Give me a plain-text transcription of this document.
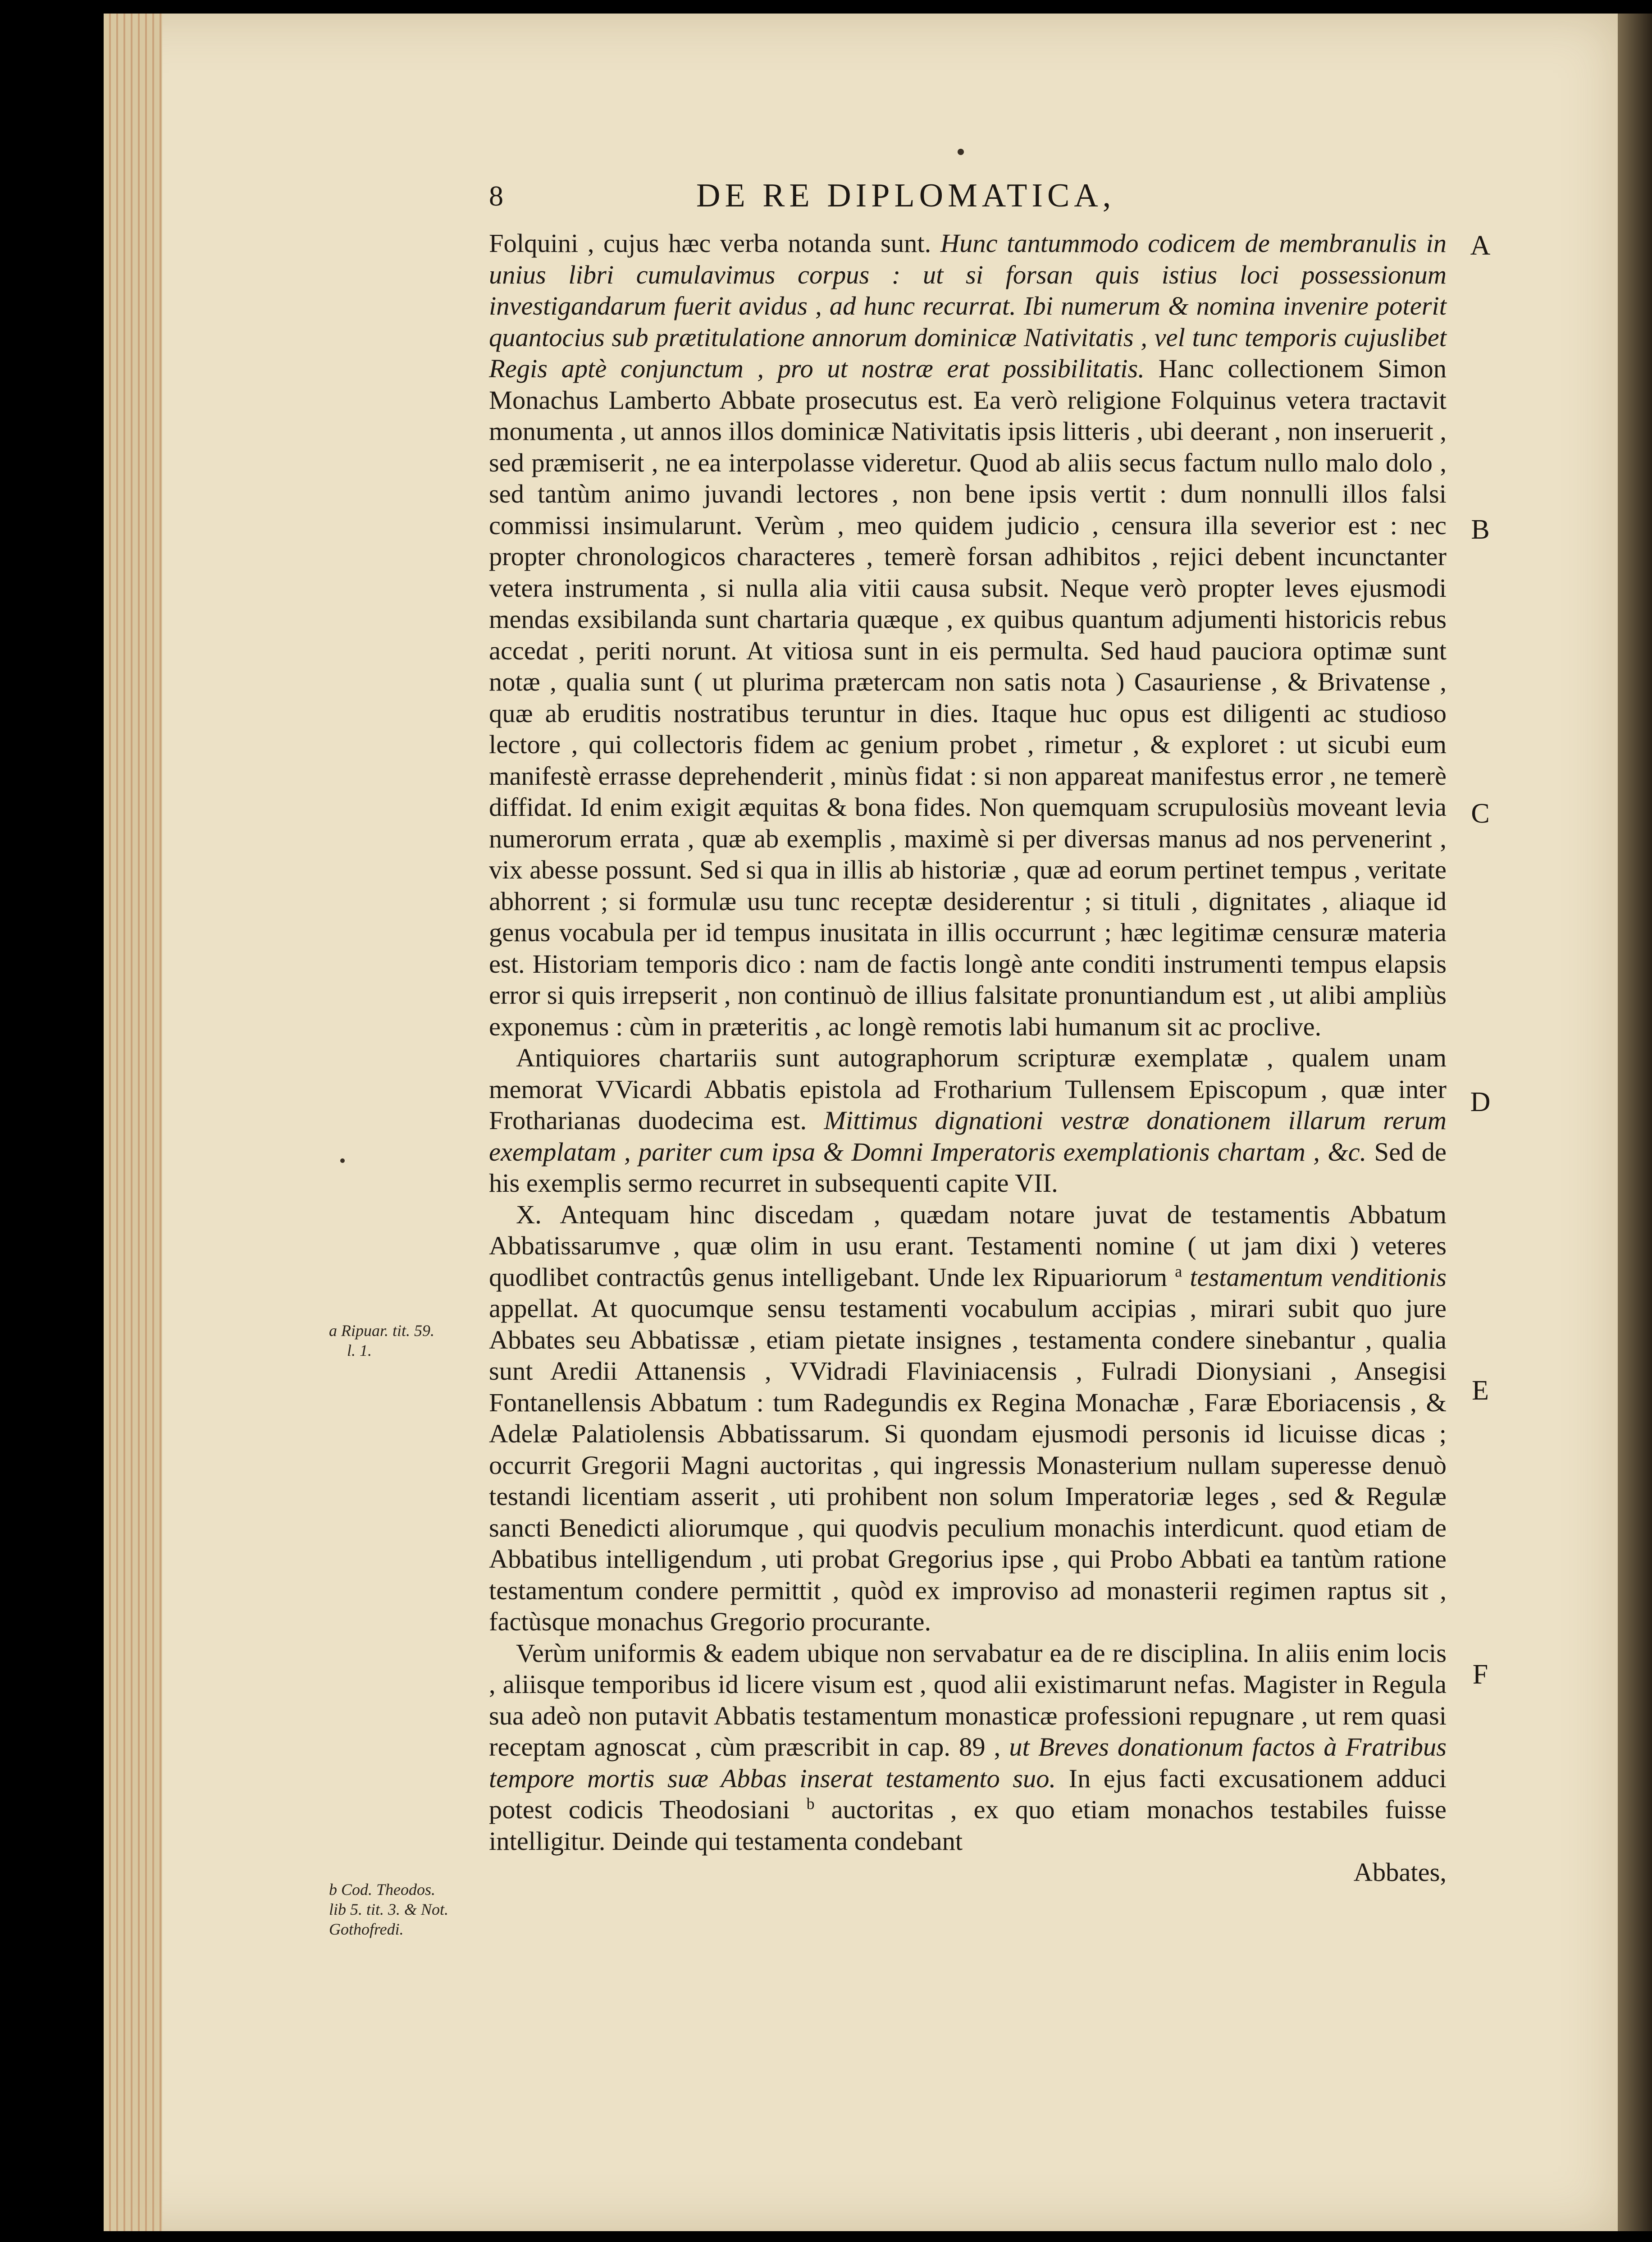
8	DE RE DIPLOMATICA,

Folquini , cujus hæc verba notanda sunt. Hunc tantummodo codicem de membranulis in unius libri cumulavimus corpus : ut si forsan quis istius loci possessionum investigandarum fuerit avidus , ad hunc recurrat. Ibi numerum & nomina invenire poterit quantocius sub prætitulatione annorum dominicæ Nativitatis , vel tunc temporis cujuslibet Regis aptè conjunctum , pro ut nostræ erat possibilitatis. Hanc collectionem Simon Monachus Lamberto Abbate prosecutus est. Ea verò religione Folquinus vetera tractavit monumenta , ut annos illos dominicæ Nativitatis ipsis litteris , ubi deerant , non inseruerit , sed præmiserit , ne ea interpolasse videretur. Quod ab aliis secus factum nullo malo dolo , sed tantùm animo juvandi lectores , non bene ipsis vertit : dum nonnulli illos falsi commissi insimularunt. Verùm , meo quidem judicio , censura illa severior est : nec propter chronologicos characteres , temerè forsan adhibitos , rejici debent incunctanter vetera instrumenta , si nulla alia vitii causa subsit. Neque verò propter leves ejusmodi mendas exsibilanda sunt chartaria quæque , ex quibus quantum adjumenti historicis rebus accedat , periti norunt. At vitiosa sunt in eis permulta. Sed haud pauciora optimæ sunt notæ , qualia sunt ( ut plurima prætercam non satis nota ) Casauriense , & Brivatense , quæ ab eruditis nostratibus teruntur in dies. Itaque huc opus est diligenti ac studioso lectore , qui collectoris fidem ac genium probet , rimetur , & exploret : ut sicubi eum manifestè errasse deprehenderit , minùs fidat : si non appareat manifestus error , ne temerè diffidat. Id enim exigit æquitas & bona fides. Non quemquam scrupulosiùs moveant levia numerorum errata , quæ ab exemplis , maximè si per diversas manus ad nos pervenerint , vix abesse possunt. Sed si qua in illis ab historiæ , quæ ad eorum pertinet tempus , veritate abhorrent ; si formulæ usu tunc receptæ desiderentur ; si tituli , dignitates , aliaque id genus vocabula per id tempus inusitata in illis occurrunt ; hæc legitimæ censuræ materia est. Historiam temporis dico : nam de factis longè ante conditi instrumenti tempus elapsis error si quis irrepserit , non continuò de illius falsitate pronuntiandum est , ut alibi ampliùs exponemus : cùm in præteritis , ac longè remotis labi humanum sit ac proclive.

Antiquiores chartariis sunt autographorum scripturæ exemplatæ , qualem unam memorat VVicardi Abbatis epistola ad Frotharium Tullensem Episcopum , quæ inter Frotharianas duodecima est. Mittimus dignationi vestræ donationem illarum rerum exemplatam , pariter cum ipsa & Domni Imperatoris exemplationis chartam , &c. Sed de his exemplis sermo recurret in subsequenti capite VII.

X. Antequam hinc discedam , quædam notare juvat de testamentis Abbatum Abbatissarumve , quæ olim in usu erant. Testamenti nomine ( ut jam dixi ) veteres quodlibet contractûs genus intelligebant. Unde lex Ripuariorum $^a$ testamentum venditionis appellat. At quocumque sensu testamenti vocabulum accipias , mirari subit quo jure Abbates seu Abbatissæ , etiam pietate insignes , testamenta condere sinebantur , qualia sunt Aredii Attanensis , VVidradi Flaviniacensis , Fulradi Dionysiani , Ansegisi Fontanellensis Abbatum : tum Radegundis ex Regina Monachæ , Faræ Eboriacensis , & Adelæ Palatiolensis Abbatissarum. Si quondam ejusmodi personis id licuisse dicas ; occurrit Gregorii Magni auctoritas , qui ingressis Monasterium nullam superesse denuò testandi licentiam asserit , uti prohibent non solum Imperatoriæ leges , sed & Regulæ sancti Benedicti aliorumque , qui quodvis peculium monachis interdicunt. quod etiam de Abbatibus intelligendum , uti probat Gregorius ipse , qui Probo Abbati ea tantùm ratione testamentum condere permittit , quòd ex improviso ad monasterii regimen raptus sit , factùsque monachus Gregorio procurante.

Verùm uniformis & eadem ubique non servabatur ea de re disciplina. In aliis enim locis , aliisque temporibus id licere visum est , quod alii existimarunt nefas. Magister in Regula sua adeò non putavit Abbatis testamentum monasticæ professioni repugnare , ut rem quasi receptam agnoscat , cùm præscribit in cap. 89 , ut Breves donationum factos à Fratribus tempore mortis suæ Abbas inserat testamento suo. In ejus facti excusationem adduci potest codicis Theodosiani $^b$ auctoritas , ex quo etiam monachos testabiles fuisse intelligitur. Deinde qui testamenta condebant

Abbates,

A
B
C
D
E
F
a Ripuar. tit. 59.
l. 1.
b Cod. Theodos.
lib 5. tit. 3. & Not.
Gothofredi.
